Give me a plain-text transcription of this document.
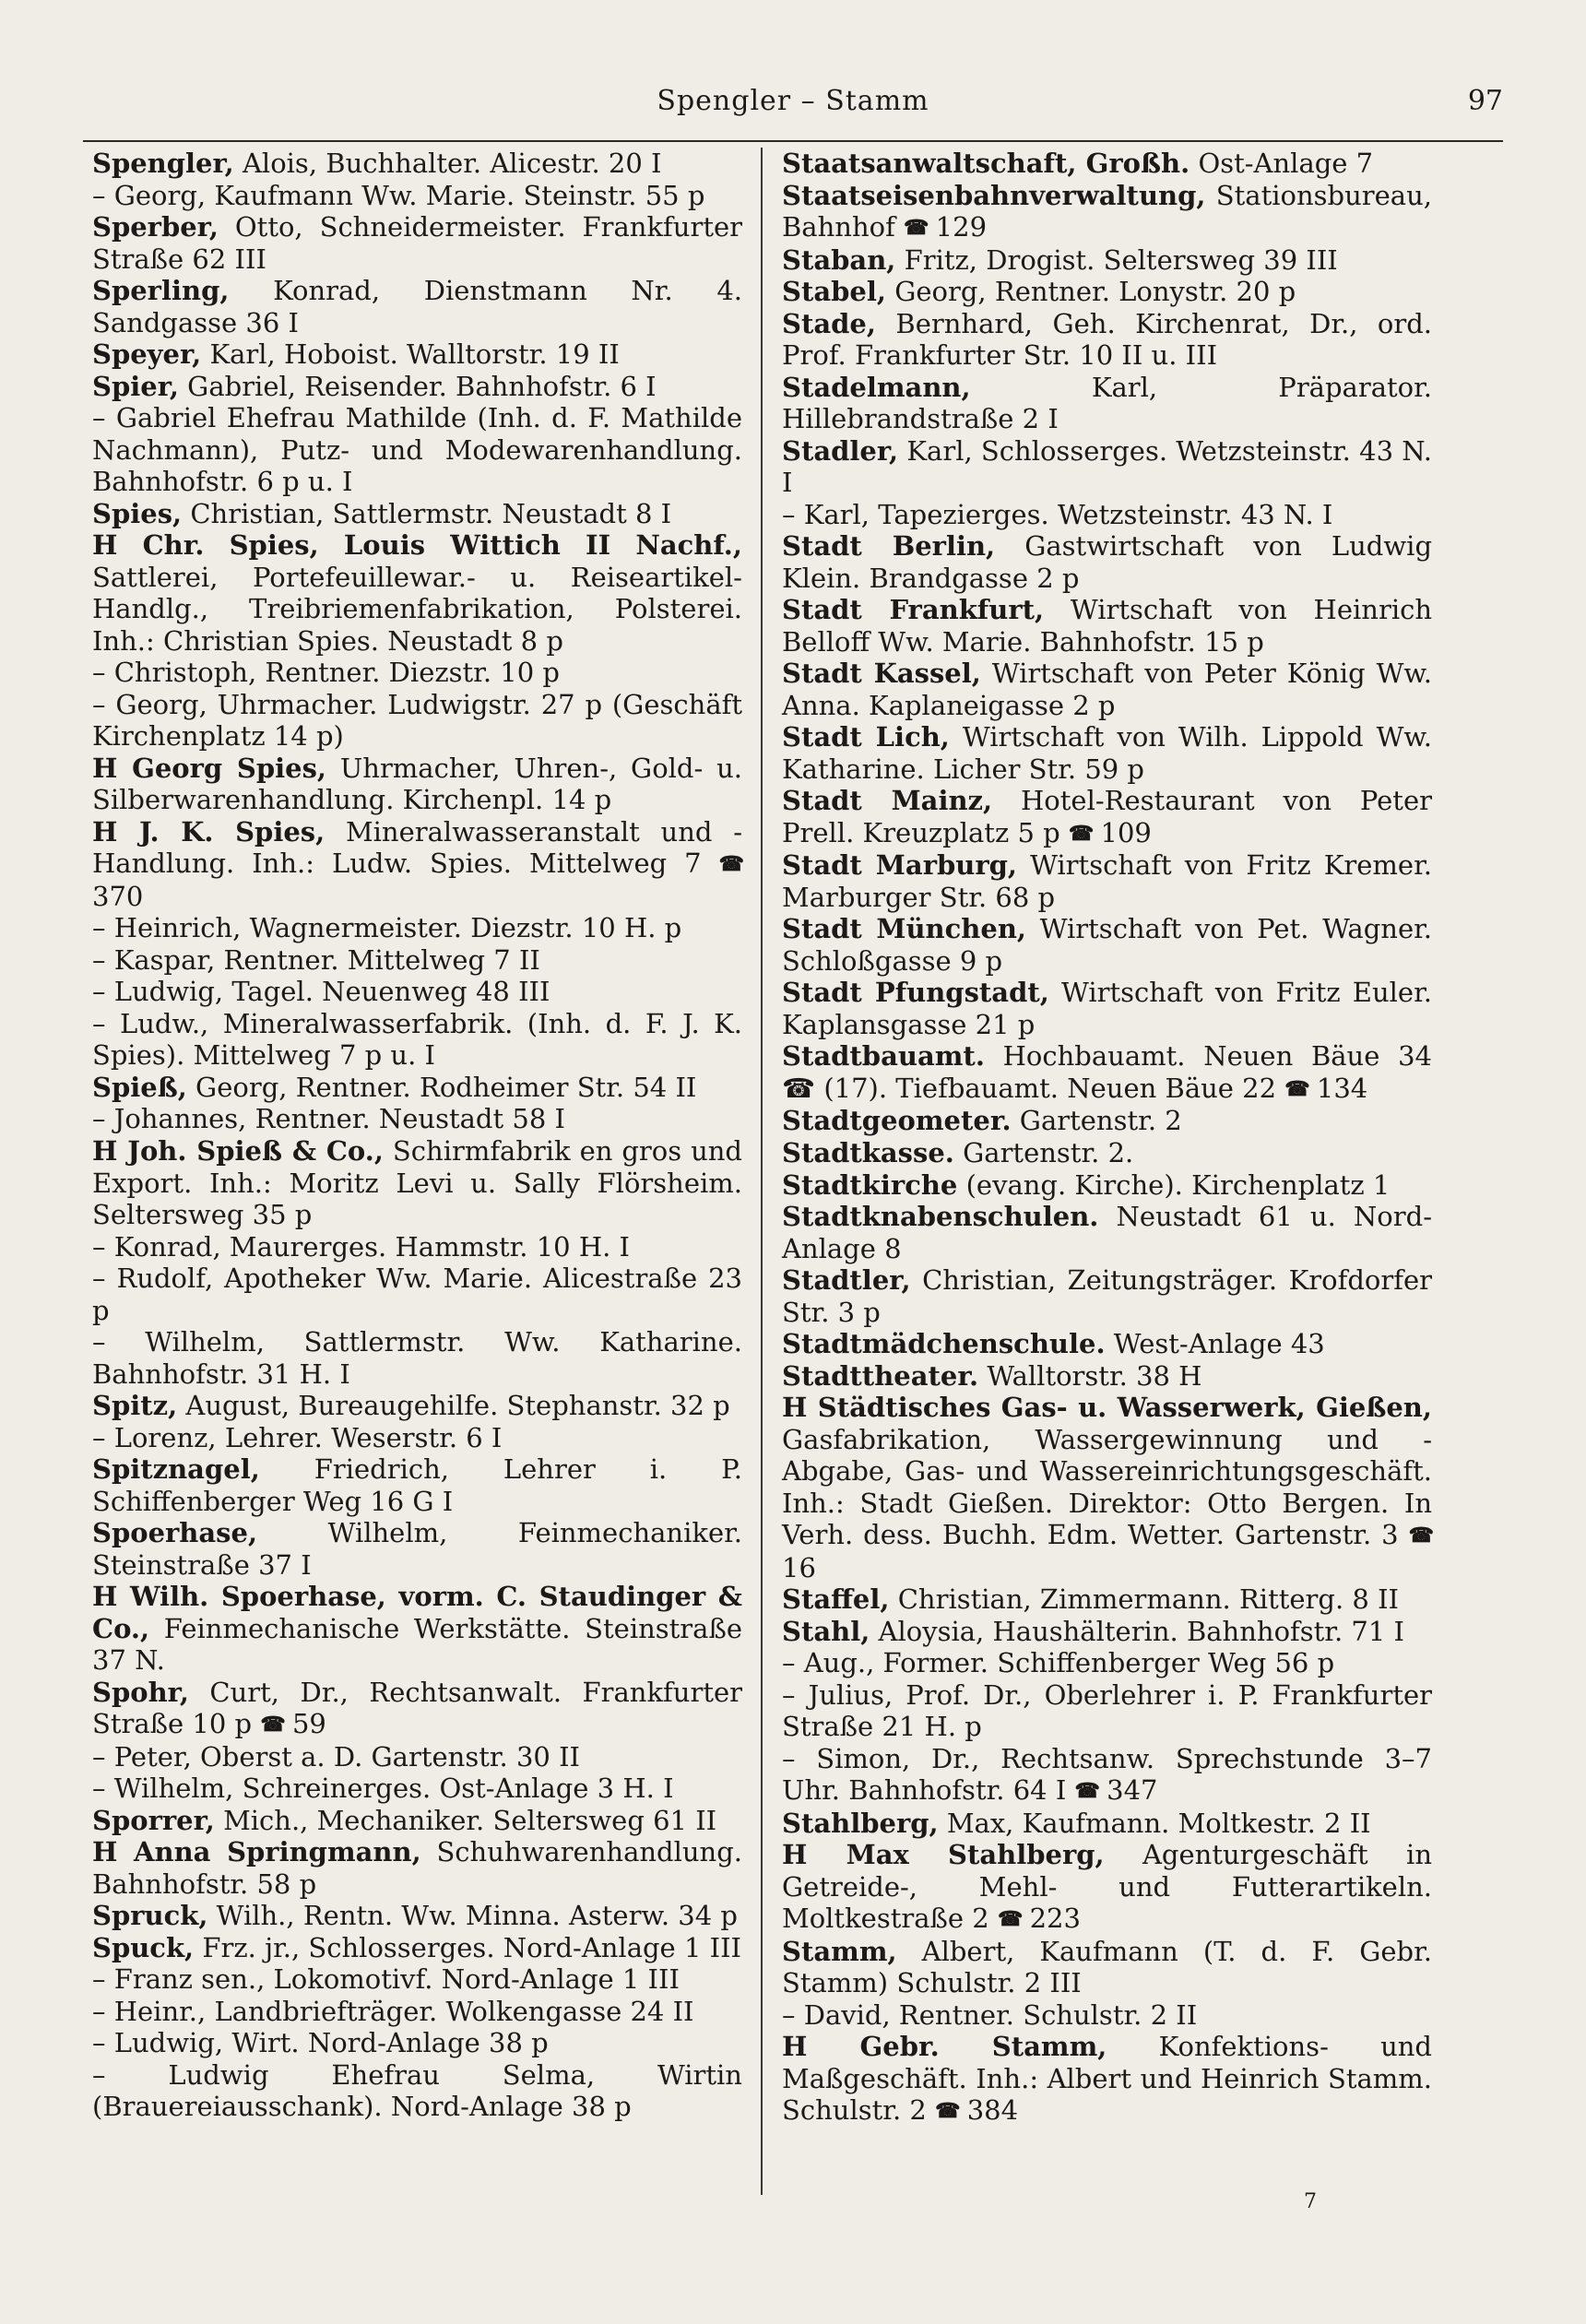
Spengler – Stamm	97
Spengler, Alois, Buchhalter. Alicestr. 20 I
– Georg, Kaufmann Ww. Marie. Steinstr. 55 p
Sperber, Otto, Schneidermeister. Frankfurter Straße 62 III
Sperling, Konrad, Dienstmann Nr. 4. Sandgasse 36 I
Speyer, Karl, Hoboist. Walltorstr. 19 II
Spier, Gabriel, Reisender. Bahnhofstr. 6 I
– Gabriel Ehefrau Mathilde (Inh. d. F. Mathilde Nachmann), Putz- und Modewarenhandlung. Bahnhofstr. 6 p u. I
Spies, Christian, Sattlermstr. Neustadt 8 I
H Chr. Spies, Louis Wittich II Nachf., Sattlerei, Portefeuillewar.- u. Reiseartikel-Handlg., Treibriemenfabrikation, Polsterei. Inh.: Christian Spies. Neustadt 8 p
– Christoph, Rentner. Diezstr. 10 p
– Georg, Uhrmacher. Ludwigstr. 27 p (Geschäft Kirchenplatz 14 p)
H Georg Spies, Uhrmacher, Uhren-, Gold- u. Silberwarenhandlung. Kirchenpl. 14 p
H J. K. Spies, Mineralwasseranstalt und -Handlung. Inh.: Ludw. Spies. Mittelweg 7 ☎ 370
– Heinrich, Wagnermeister. Diezstr. 10 H. p
– Kaspar, Rentner. Mittelweg 7 II
– Ludwig, Tagel. Neuenweg 48 III
– Ludw., Mineralwasserfabrik. (Inh. d. F. J. K. Spies). Mittelweg 7 p u. I
Spieß, Georg, Rentner. Rodheimer Str. 54 II
– Johannes, Rentner. Neustadt 58 I
H Joh. Spieß & Co., Schirmfabrik en gros und Export. Inh.: Moritz Levi u. Sally Flörsheim. Seltersweg 35 p
– Konrad, Maurerges. Hammstr. 10 H. I
– Rudolf, Apotheker Ww. Marie. Alicestraße 23 p
– Wilhelm, Sattlermstr. Ww. Katharine. Bahnhofstr. 31 H. I
Spitz, August, Bureaugehilfe. Stephanstr. 32 p
– Lorenz, Lehrer. Weserstr. 6 I
Spitznagel, Friedrich, Lehrer i. P. Schiffenberger Weg 16 G I
Spoerhase,	Wilhelm, Feinmechaniker. Steinstraße 37 I
H Wilh. Spoerhase, vorm. C. Staudinger & Co., Feinmechanische Werkstätte. Steinstraße 37 N.
Spohr, Curt, Dr., Rechtsanwalt. Frankfurter Straße 10 p ☎ 59
– Peter, Oberst a. D. Gartenstr. 30 II
– Wilhelm, Schreinerges. Ost-Anlage 3 H. I
Sporrer, Mich., Mechaniker. Seltersweg 61 II
H Anna Springmann, Schuhwarenhandlung. Bahnhofstr. 58 p
Spruck, Wilh., Rentn. Ww. Minna. Asterw. 34 p
Spuck, Frz. jr., Schlosserges. Nord-Anlage 1 III
– Franz sen., Lokomotivf. Nord-Anlage 1 III
– Heinr., Landbriefträger. Wolkengasse 24 II
– Ludwig, Wirt. Nord-Anlage 38 p
– Ludwig Ehefrau Selma, Wirtin (Brauereiausschank). Nord-Anlage 38 p
Staatsanwaltschaft, Großh. Ost-Anlage 7
Staatseisenbahnverwaltung, Stationsbureau, Bahnhof ☎ 129
Staban, Fritz, Drogist. Seltersweg 39 III
Stabel, Georg, Rentner. Lonystr. 20 p
Stade, Bernhard, Geh. Kirchenrat, Dr., ord. Prof. Frankfurter Str. 10 II u. III
Stadelmann,	Karl, Präparator. Hillebrandstraße 2 I
Stadler, Karl, Schlosserges. Wetzsteinstr. 43 N. I
– Karl, Tapezierges. Wetzsteinstr. 43 N. I
Stadt Berlin, Gastwirtschaft von Ludwig Klein. Brandgasse 2 p
Stadt Frankfurt, Wirtschaft von Heinrich Belloff Ww. Marie. Bahnhofstr. 15 p
Stadt Kassel, Wirtschaft von Peter König Ww. Anna. Kaplaneigasse 2 p
Stadt Lich, Wirtschaft von Wilh. Lippold Ww. Katharine. Licher Str. 59 p
Stadt Mainz, Hotel-Restaurant von Peter Prell. Kreuzplatz 5 p ☎ 109
Stadt Marburg, Wirtschaft von Fritz Kremer. Marburger Str. 68 p
Stadt München, Wirtschaft von Pet. Wagner. Schloßgasse 9 p
Stadt Pfungstadt, Wirtschaft von Fritz Euler. Kaplansgasse 21 p
Stadtbauamt. Hochbauamt. Neuen Bäue 34 ☎ (17). Tiefbauamt. Neuen Bäue 22 ☎ 134
Stadtgeometer. Gartenstr. 2
Stadtkasse. Gartenstr. 2.
Stadtkirche (evang. Kirche). Kirchenplatz 1
Stadtknabenschulen. Neustadt 61 u. Nord-Anlage 8
Stadtler, Christian, Zeitungsträger. Krofdorfer Str. 3 p
Stadtmädchenschule. West-Anlage 43
Stadttheater. Walltorstr. 38 H
H Städtisches Gas- u. Wasserwerk, Gießen, Gasfabrikation, Wassergewinnung und -Abgabe, Gas- und Wassereinrichtungsgeschäft. Inh.: Stadt Gießen. Direktor: Otto Bergen. In Verh. dess. Buchh. Edm. Wetter. Gartenstr. 3 ☎ 16
Staffel, Christian, Zimmermann. Ritterg. 8 II
Stahl, Aloysia, Haushälterin. Bahnhofstr. 71 I
– Aug., Former. Schiffenberger Weg 56 p
– Julius, Prof. Dr., Oberlehrer i. P. Frankfurter Straße 21 H. p
– Simon, Dr., Rechtsanw. Sprechstunde 3–7 Uhr. Bahnhofstr. 64 I ☎ 347
Stahlberg, Max, Kaufmann. Moltkestr. 2 II
H Max Stahlberg, Agenturgeschäft in Getreide-, Mehl- und Futterartikeln. Moltkestraße 2 ☎ 223
Stamm, Albert, Kaufmann (T. d. F. Gebr. Stamm) Schulstr. 2 III
– David, Rentner. Schulstr. 2 II
H Gebr. Stamm, Konfektions- und Maßgeschäft. Inh.: Albert und Heinrich Stamm. Schulstr. 2 ☎ 384
7
